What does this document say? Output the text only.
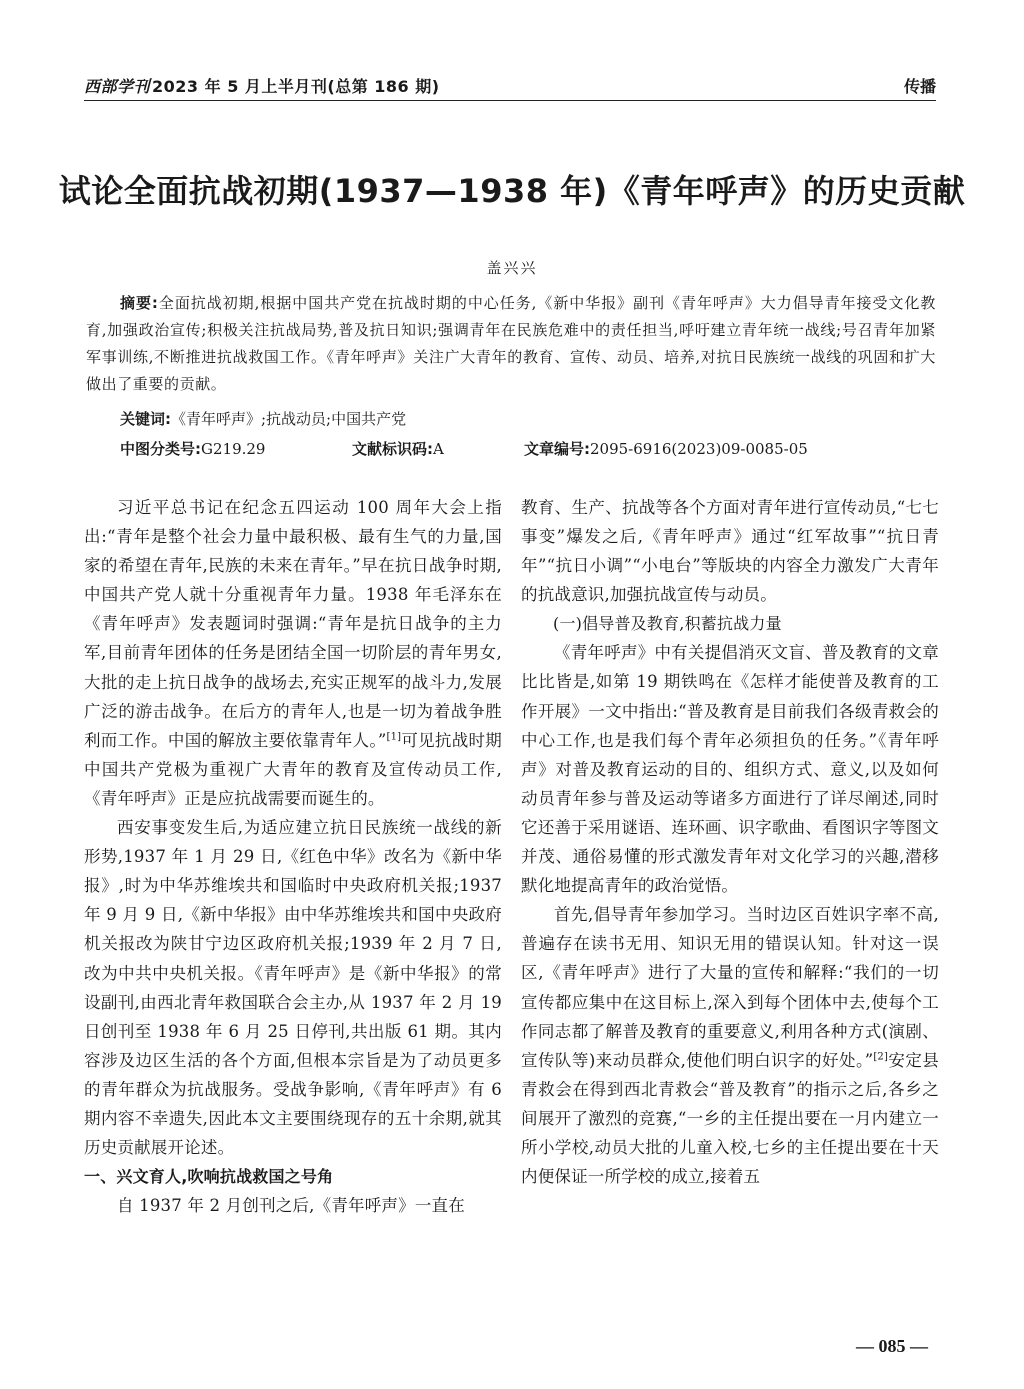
西部学刊 2023 年 5 月上半月刊(总第 186 期)	传播
试论全面抗战初期(1937—1938 年)《青年呼声》的历史贡献
盖兴兴
摘要:全面抗战初期,根据中国共产党在抗战时期的中心任务,《新中华报》副刊《青年呼声》大力倡导青年接受文化教育,加强政治宣传;积极关注抗战局势,普及抗日知识;强调青年在民族危难中的责任担当,呼吁建立青年统一战线;号召青年加紧军事训练,不断推进抗战救国工作。《青年呼声》关注广大青年的教育、宣传、动员、培养,对抗日民族统一战线的巩固和扩大做出了重要的贡献。
关键词:《青年呼声》;抗战动员;中国共产党
中图分类号:G219.29	文献标识码:A	文章编号:2095-6916(2023)09-0085-05

习近平总书记在纪念五四运动 100 周年大会上指出:“青年是整个社会力量中最积极、最有生气的力量,国家的希望在青年,民族的未来在青年。”早在抗日战争时期,中国共产党人就十分重视青年力量。1938 年毛泽东在《青年呼声》发表题词时强调:“青年是抗日战争的主力军,目前青年团体的任务是团结全国一切阶层的青年男女,大批的走上抗日战争的战场去,充实正规军的战斗力,发展广泛的游击战争。在后方的青年人,也是一切为着战争胜利而工作。中国的解放主要依靠青年人。”[1]可见抗战时期中国共产党极为重视广大青年的教育及宣传动员工作,《青年呼声》正是应抗战需要而诞生的。

西安事变发生后,为适应建立抗日民族统一战线的新形势,1937 年 1 月 29 日,《红色中华》改名为《新中华报》,时为中华苏维埃共和国临时中央政府机关报;1937 年 9 月 9 日,《新中华报》由中华苏维埃共和国中央政府机关报改为陕甘宁边区政府机关报;1939 年 2 月 7 日,改为中共中央机关报。《青年呼声》是《新中华报》的常设副刊,由西北青年救国联合会主办,从 1937 年 2 月 19 日创刊至 1938 年 6 月 25 日停刊,共出版 61 期。其内容涉及边区生活的各个方面,但根本宗旨是为了动员更多的青年群众为抗战服务。受战争影响,《青年呼声》有 6 期内容不幸遗失,因此本文主要围绕现存的五十余期,就其历史贡献展开论述。

一、兴文育人,吹响抗战救国之号角

自 1937 年 2 月创刊之后,《青年呼声》一直在

教育、生产、抗战等各个方面对青年进行宣传动员,“七七事变”爆发之后,《青年呼声》通过“红军故事”“抗日青年”“抗日小调”“小电台”等版块的内容全力激发广大青年的抗战意识,加强抗战宣传与动员。

(一)倡导普及教育,积蓄抗战力量

《青年呼声》中有关提倡消灭文盲、普及教育的文章比比皆是,如第 19 期铁鸣在《怎样才能使普及教育的工作开展》一文中指出:“普及教育是目前我们各级青救会的中心工作,也是我们每个青年必须担负的任务。”《青年呼声》对普及教育运动的目的、组织方式、意义,以及如何动员青年参与普及运动等诸多方面进行了详尽阐述,同时它还善于采用谜语、连环画、识字歌曲、看图识字等图文并茂、通俗易懂的形式激发青年对文化学习的兴趣,潜移默化地提高青年的政治觉悟。

首先,倡导青年参加学习。当时边区百姓识字率不高,普遍存在读书无用、知识无用的错误认知。针对这一误区,《青年呼声》进行了大量的宣传和解释:“我们的一切宣传都应集中在这目标上,深入到每个团体中去,使每个工作同志都了解普及教育的重要意义,利用各种方式(演剧、宣传队等)来动员群众,使他们明白识字的好处。”[2]安定县青救会在得到西北青救会“普及教育”的指示之后,各乡之间展开了激烈的竞赛,“一乡的主任提出要在一月内建立一所小学校,动员大批的儿童入校,七乡的主任提出要在十天内便保证一所学校的成立,接着五

— 085 —
